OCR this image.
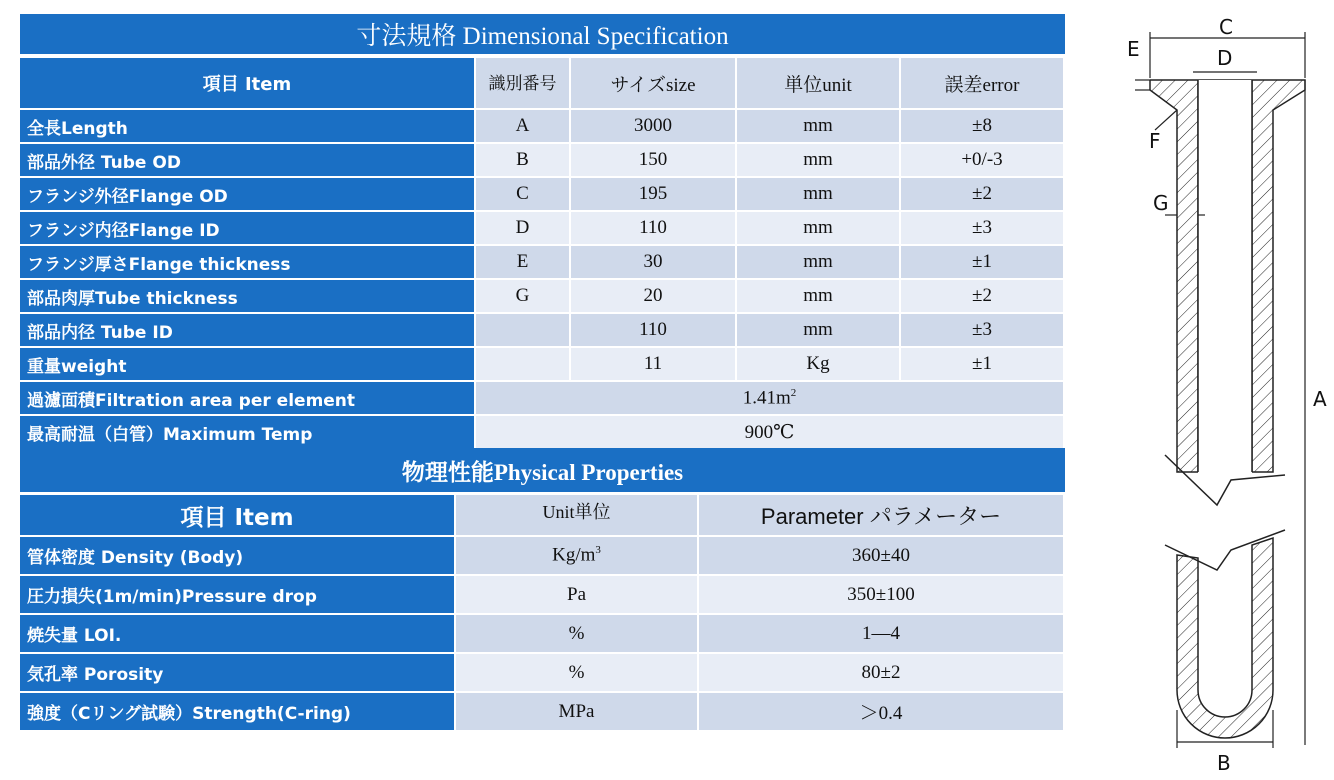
寸法規格 Dimensional Specification
項目 Item	識別番号	サイズsize	単位unit	誤差error
全長Length	A	3000	mm	±8
部品外径 Tube OD	B	150	mm	+0/-3
フランジ外径Flange OD	C	195	mm	±2
フランジ内径Flange ID	D	110	mm	±3
フランジ厚さFlange thickness	E	30	mm	±1
部品肉厚Tube thickness	G	20	mm	±2
部品内径 Tube ID		110	mm	±3
重量weight		11	Kg	±1
過濾面積Filtration area per element	$1.41m^2$
最高耐温（白管）Maximum Temp	900℃			
物理性能Physical Properties
項目 Item	Unit単位	Parameter パラメーター
管体密度 Density (Body)	$Kg/m^3$	360±40
圧力損失(1m/min)Pressure drop	Pa	350±100
焼失量 LOI.	%	1—4
気孔率 Porosity	%	80±2
強度（Cリング試験）Strength(C-ring)	MPa	＞0.4
C
D
E
F
G
A
B
